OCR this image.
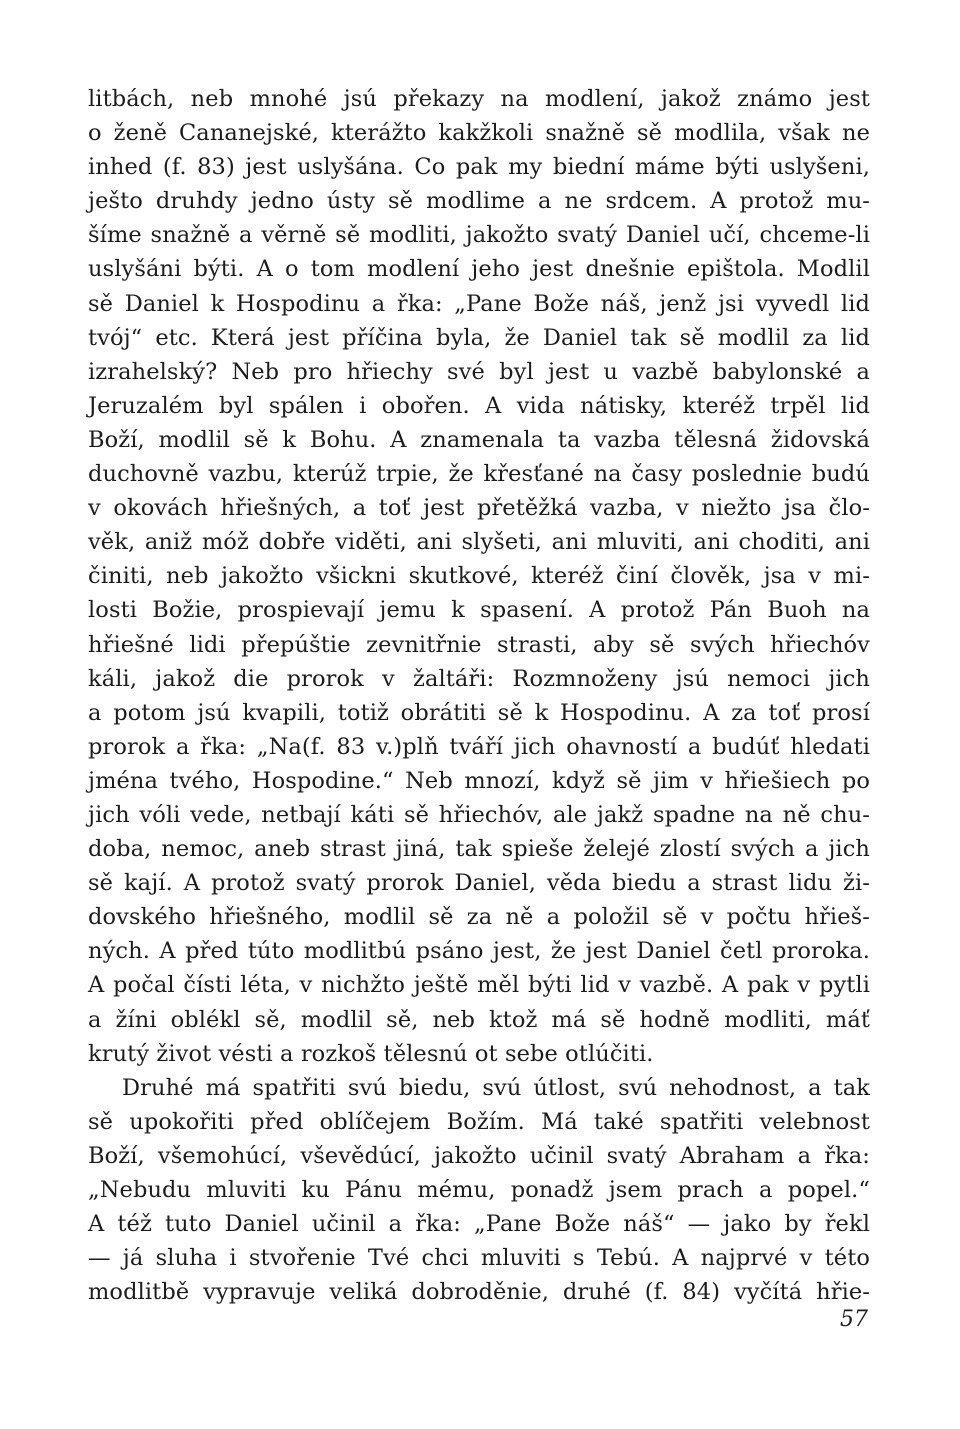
litbách, neb mnohé jsú překazy na modlení, jakož známo jest
o ženě Cananejské, kterážto kakžkoli snažně sě modlila, však ne
inhed (f. 83) jest uslyšána. Co pak my biední máme býti uslyšeni,
ješto druhdy jedno ústy sě modlime a ne srdcem. A protož mu-
šíme snažně a věrně sě modliti, jakožto svatý Daniel učí, chceme-li
uslyšáni býti. A o tom modlení jeho jest dnešnie epištola. Modlil
sě Daniel k Hospodinu a řka: „Pane Bože náš, jenž jsi vyvedl lid
tvój“ etc. Která jest příčina byla, že Daniel tak sě modlil za lid
izrahelský? Neb pro hřiechy své byl jest u vazbě babylonské a
Jeruzalém byl spálen i obořen. A vida nátisky, kteréž trpěl lid
Boží, modlil sě k Bohu. A znamenala ta vazba tělesná židovská
duchovně vazbu, kterúž trpie, že křesťané na časy poslednie budú
v okovách hřiešných, a toť jest přetěžká vazba, v niežto jsa člo-
věk, aniž móž dobře viděti, ani slyšeti, ani mluviti, ani choditi, ani
činiti, neb jakožto všickni skutkové, kteréž činí člověk, jsa v mi-
losti Božie, prospievají jemu k spasení. A protož Pán Buoh na
hřiešné lidi přepúštie zevnitřnie strasti, aby sě svých hřiechóv
káli, jakož die prorok v žaltáři: Rozmnoženy jsú nemoci jich
a potom jsú kvapili, totiž obrátiti sě k Hospodinu. A za toť prosí
prorok a řka: „Na(f. 83 v.)plň tváří jich ohavností a budúť hledati
jména tvého, Hospodine.“ Neb mnozí, když sě jim v hřiešiech po
jich vóli vede, netbají káti sě hřiechóv, ale jakž spadne na ně chu-
doba, nemoc, aneb strast jiná, tak spieše želejé zlostí svých a jich
sě kají. A protož svatý prorok Daniel, věda biedu a strast lidu ži-
dovského hřiešného, modlil sě za ně a položil sě v počtu hřieš-
ných. A před túto modlitbú psáno jest, že jest Daniel četl proroka.
A počal čísti léta, v nichžto ještě měl býti lid v vazbě. A pak v pytli
a žíni oblékl sě, modlil sě, neb ktož má sě hodně modliti, máť
krutý život vésti a rozkoš tělesnú ot sebe otlúčiti.
Druhé má spatřiti svú biedu, svú útlost, svú nehodnost, a tak
sě upokořiti před oblíčejem Božím. Má také spatřiti velebnost
Boží, všemohúcí, vševědúcí, jakožto učinil svatý Abraham a řka:
„Nebudu mluviti ku Pánu mému, ponadž jsem prach a popel.“
A též tuto Daniel učinil a řka: „Pane Bože náš“ — jako by řekl
— já sluha i stvořenie Tvé chci mluviti s Tebú. A najprvé v této
modlitbě vypravuje veliká dobroděnie, druhé (f. 84) vyčítá hřie-
57
